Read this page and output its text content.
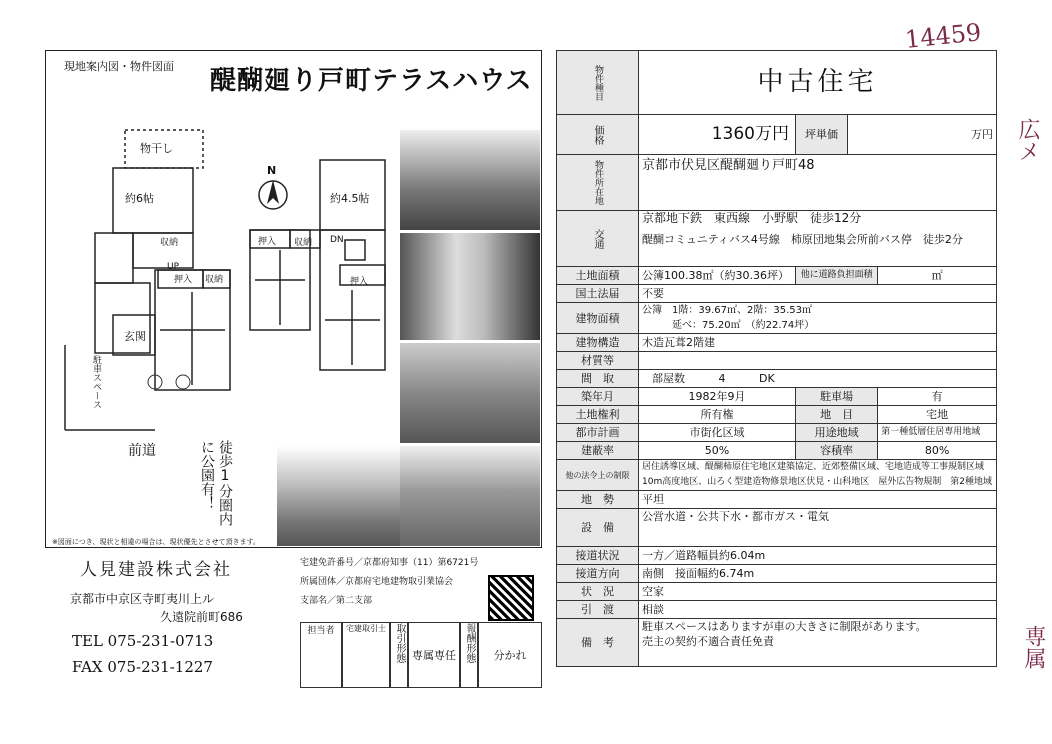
14459
広メ
専属
現地案内図・物件図面 醍醐廻り戸町テラスハウス
物干し
約6帖	約4.5帖
収納	収納
収納
UP
DN
押入
押入
押入
玄関
駐車スペース
N
前道	徒歩1分圏内に公園有！
※図面につき、現状と相違の場合は、現状優先とさせて頂きます。
人見建設株式会社
京都市中京区寺町夷川上ル
久遠院前町686
TEL 075-231-0713
FAX 075-231-1227
宅建免許番号／京都府知事（11）第6721号
所属団体／京都府宅地建物取引業協会
支部名／第二支部
担当者	宅建取引士 取引形態 専属専任 報酬形態	分かれ
物件種目	中古住宅			
価格	1360万円	坪単価	万円	
物件所在地	京都市伏見区醍醐廻り戸町48			
交通	京都地下鉄　東西線　小野駅　徒歩12分
醍醐コミュニティバス4号線　柿原団地集会所前バス停　徒歩2分			

土地面積	公簿100.38㎡（約30.36坪）	他に道路負担面積		㎡
国土法届	不要			
建物面積	公簿　1階：39.67㎡、2階：35.53㎡
延べ：75.20㎡　（約22.74坪）			

建物構造	木造瓦葺2階建			
材質等				
間　取	部屋数 4 DK			
築年月	1982年9月	駐車場		有
土地権利	所有権	地　目		宅地
都市計画	市街化区域	用途地域		第一種低層住居専用地域
建蔽率	50%	容積率		80%
他の法令上の制限	居住誘導区域、醍醐柿原住宅地区建築協定、近郊整備区域、宅地造成等工事規制区域
10m高度地区、山ろく型建造物修景地区伏見・山科地区　屋外広告物規制　第2種地域			

地　勢	平坦			
設　備	公営水道・公共下水・都市ガス・電気			
接道状況	一方／道路幅員約6.04m			
接道方向	南側　接面幅約6.74m			
状　況	空家			
引　渡	相談			
備　考	駐車スペースはありますが車の大きさに制限があります。
売主の契約不適合責任免責			
